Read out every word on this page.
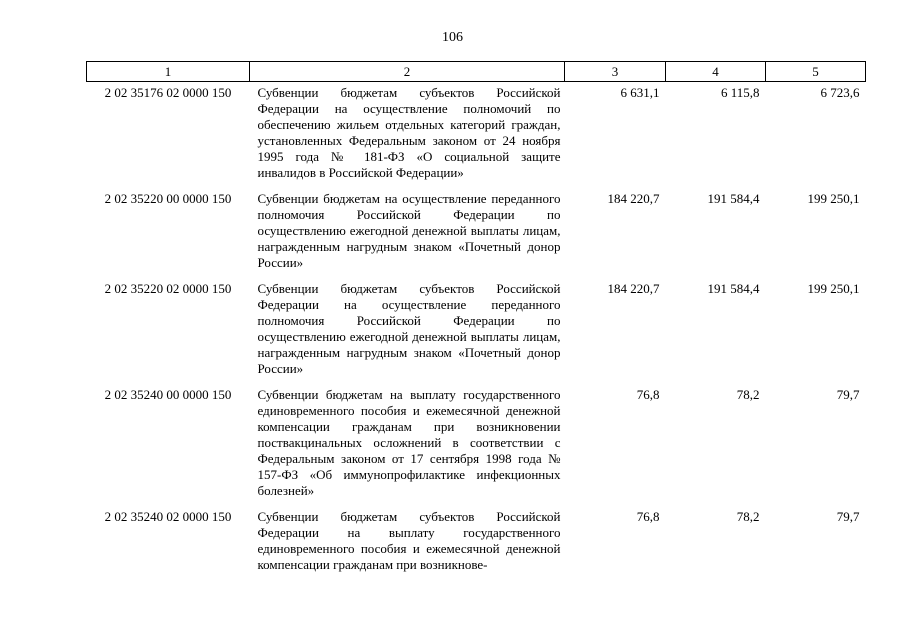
106
1	2	3	4	5
2 02 35176 02 0000 150	Субвенции бюджетам субъектов Российской Федерации на осуществление полномочий по обеспечению жильем отдельных категорий граждан, установленных Федеральным законом от 24 ноября 1995 года № 181-ФЗ «О социальной защите инвалидов в Российской Федерации»	6 631,1	6 115,8	6 723,6
2 02 35220 00 0000 150	Субвенции бюджетам на осуществление переданного полномочия Российской Федерации по осуществлению ежегодной денежной выплаты лицам, награжденным нагрудным знаком «Почетный донор России»	184 220,7	191 584,4	199 250,1
2 02 35220 02 0000 150	Субвенции бюджетам субъектов Российской Федерации на осуществление переданного полномочия Российской Федерации по осуществлению ежегодной денежной выплаты лицам, награжденным нагрудным знаком «Почетный донор России»	184 220,7	191 584,4	199 250,1
2 02 35240 00 0000 150	Субвенции бюджетам на выплату государственного единовременного пособия и ежемесячной денежной компенсации гражданам при возникновении поствакцинальных осложнений в соответствии с Федеральным законом от 17 сентября 1998 года № 157-ФЗ «Об иммунопрофилактике инфекционных болезней»	76,8	78,2	79,7
2 02 35240 02 0000 150	Субвенции бюджетам субъектов Российской Федерации на выплату государственного единовременного пособия и ежемесячной денежной компенсации гражданам при возникнове-	76,8	78,2	79,7
